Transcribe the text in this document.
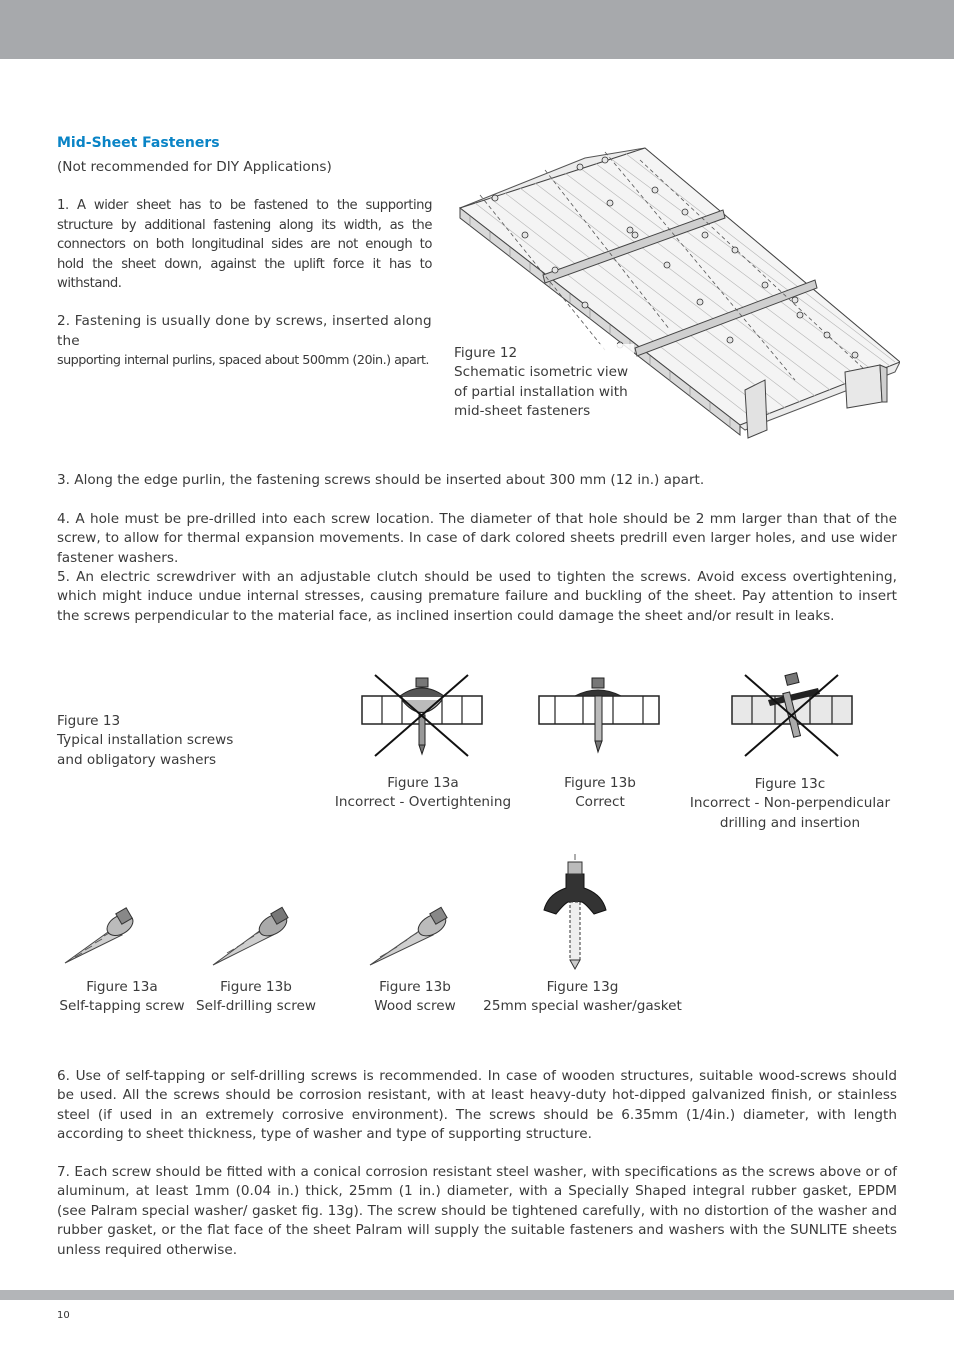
Mid-Sheet Fasteners

(Not recommended for DIY Applications)

1. A wider sheet has to be fastened to the supporting structure by additional fastening along its width, as the connectors on both longitudinal sides are not enough to hold the sheet down, against the uplift force it has to withstand.

2. Fastening is usually done by screws, inserted along the

supporting internal purlins, spaced about 500mm (20in.) apart. Figure 12
Schematic isometric view of partial installation with mid-sheet fasteners

3. Along the edge purlin, the fastening screws should be inserted about 300 mm (12 in.) apart.

4. A hole must be pre-drilled into each screw location. The diameter of that hole should be 2 mm larger than that of the screw, to allow for thermal expansion movements. In case of dark colored sheets predrill even larger holes, and use wider fastener washers.

5. An electric screwdriver with an adjustable clutch should be used to tighten the screws. Avoid excess overtightening, which might induce undue internal stresses, causing premature failure and buckling of the sheet. Pay attention to insert the screws perpendicular to the material face, as inclined insertion could damage the sheet and/or result in leaks.

Figure 13
Typical installation screws and obligatory washers
Figure 13a
Incorrect - Overtightening
Figure 13b
Correct
Figure 13c
Incorrect - Non-perpendicular drilling and insertion
Figure 13a
Self-tapping screw
Figure 13b
Self-drilling screw
Figure 13b
Wood screw
Figure 13g
25mm special washer/gasket

6. Use of self-tapping or self-drilling screws is recommended. In case of wooden structures, suitable wood-screws should be used. All the screws should be corrosion resistant, with at least heavy-duty hot-dipped galvanized finish, or stainless steel (if used in an extremely corrosive environment). The screws should be 6.35mm (1/4in.) diameter, with length according to sheet thickness, type of washer and type of supporting structure.

7. Each screw should be fitted with a conical corrosion resistant steel washer, with specifications as the screws above or of aluminum, at least 1mm (0.04 in.) thick, 25mm (1 in.) diameter, with a Specially Shaped integral rubber gasket, EPDM (see Palram special washer/ gasket fig. 13g). The screw should be tightened carefully, with no distortion of the washer and rubber gasket, or the flat face of the sheet Palram will supply the suitable fasteners and washers with the SUNLITE sheets unless required otherwise.

10
